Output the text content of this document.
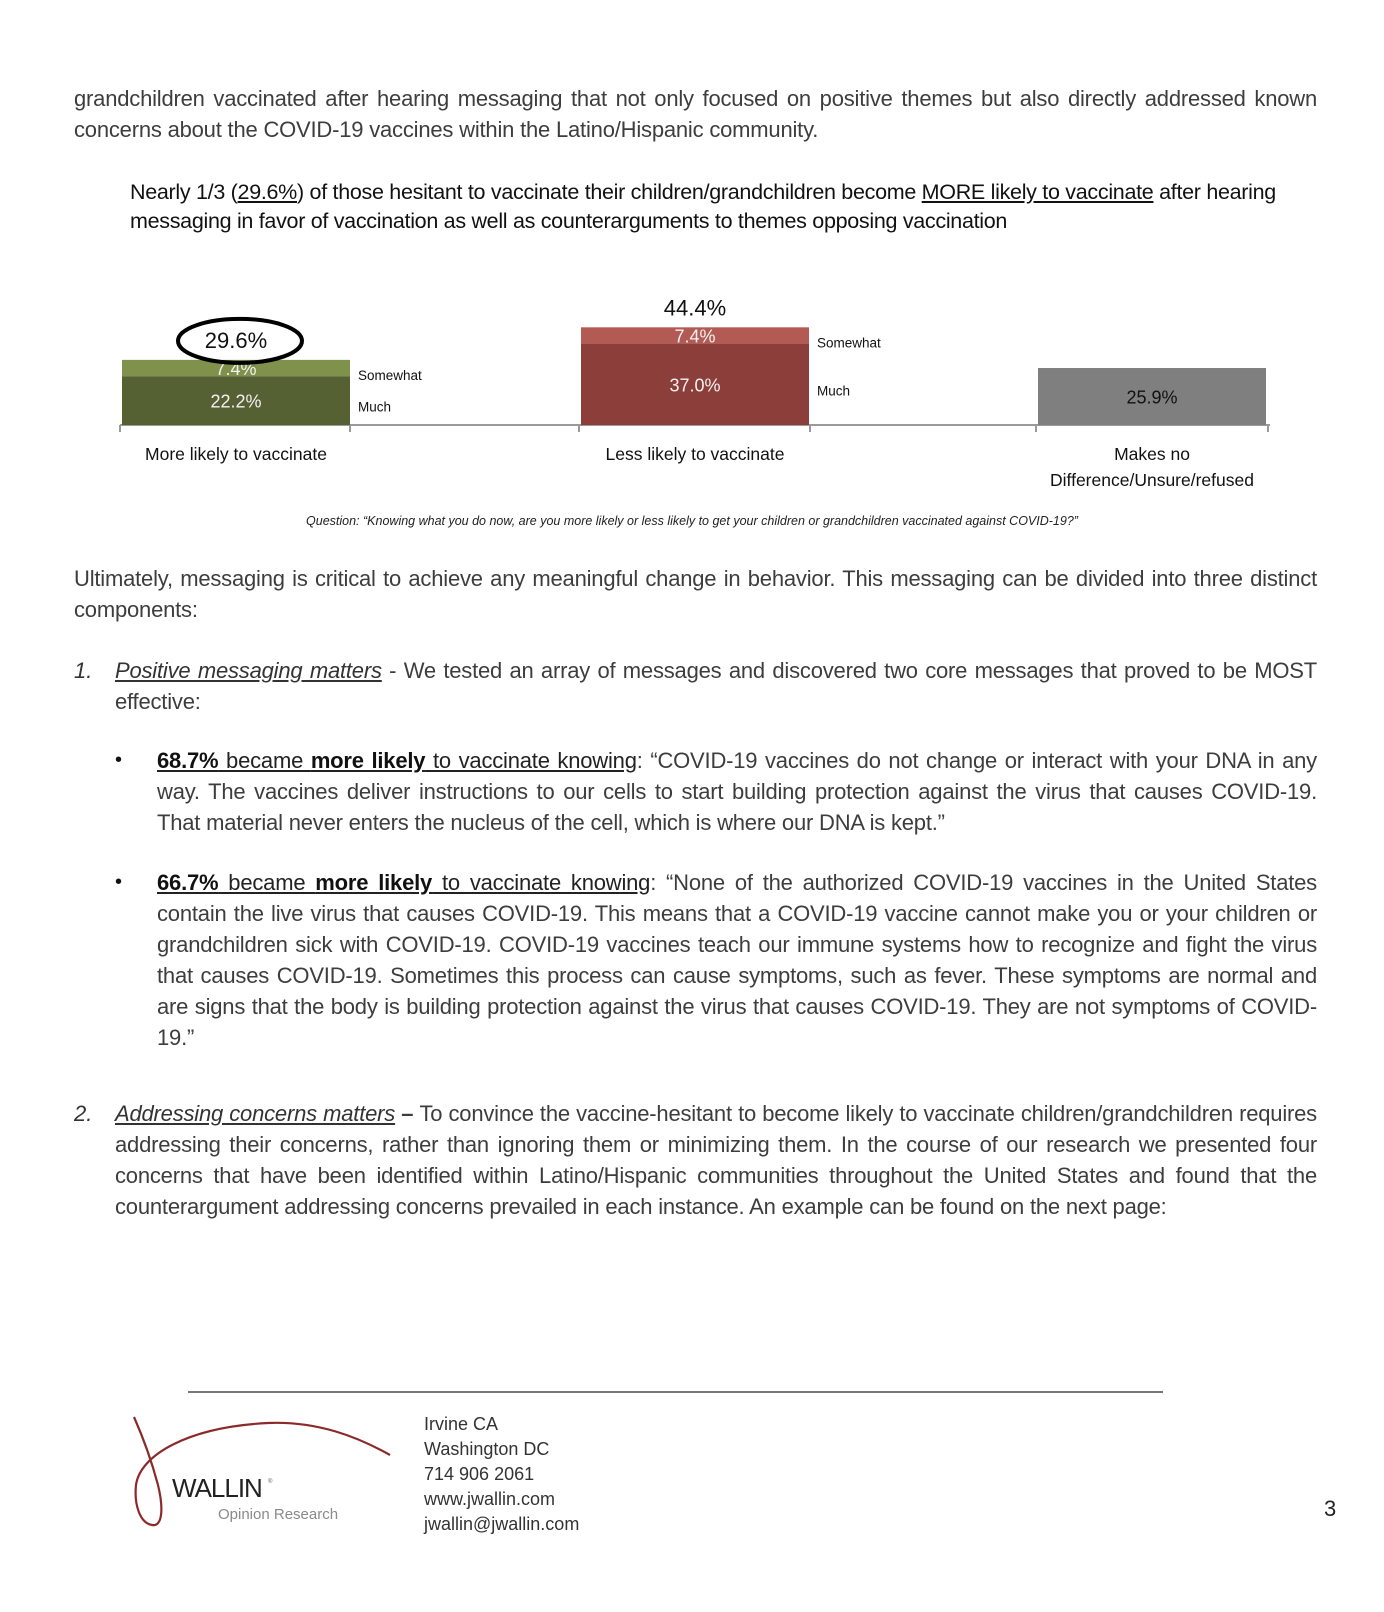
grandchildren vaccinated after hearing messaging that not only focused on positive themes but also directly addressed known concerns about the COVID-19 vaccines within the Latino/Hispanic community.
Nearly 1/3 (29.6%) of those hesitant to vaccinate their children/grandchildren become MORE likely to vaccinate after hearing messaging in favor of vaccination as well as counterarguments to themes opposing vaccination
22.2%
7.4%
29.6%
Somewhat
Much
More likely to vaccinate
37.0%
7.4%
44.4%
Somewhat
Much
Less likely to vaccinate
25.9%
Makes no
Difference/Unsure/refused
Question: “Knowing what you do now, are you more likely or less likely to get your children or grandchildren vaccinated against COVID-19?”
Ultimately, messaging is critical to achieve any meaningful change in behavior. This messaging can be divided into three distinct components:
1. Positive messaging matters - We tested an array of messages and discovered two core messages that proved to be MOST effective:
• 68.7% became more likely to vaccinate knowing: “COVID-19 vaccines do not change or interact with your DNA in any way. The vaccines deliver instructions to our cells to start building protection against the virus that causes COVID-19. That material never enters the nucleus of the cell, which is where our DNA is kept.”
• 66.7% became more likely to vaccinate knowing: “None of the authorized COVID-19 vaccines in the United States contain the live virus that causes COVID-19. This means that a COVID-19 vaccine cannot make you or your children or grandchildren sick with COVID-19. COVID-19 vaccines teach our immune systems how to recognize and fight the virus that causes COVID-19. Sometimes this process can cause symptoms, such as fever. These symptoms are normal and are signs that the body is building protection against the virus that causes COVID-19. They are not symptoms of COVID-19.”
2. Addressing concerns matters – To convince the vaccine-hesitant to become likely to vaccinate children/grandchildren requires addressing their concerns, rather than ignoring them or minimizing them. In the course of our research we presented four concerns that have been identified within Latino/Hispanic communities throughout the United States and found that the counterargument addressing concerns prevailed in each instance. An example can be found on the next page:
WALLIN ®
Opinion Research
Irvine CA
Washington DC
714 906 2061
www.jwallin.com
jwallin@jwallin.com
3
